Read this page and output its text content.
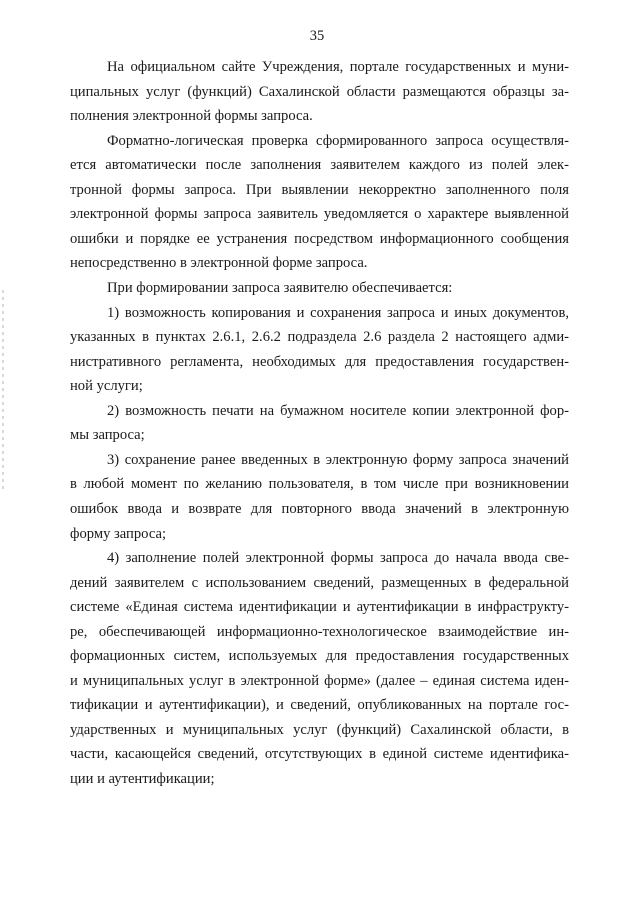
35
На официальном сайте Учреждения, портале государственных и муни-
ципальных услуг (функций) Сахалинской области размещаются образцы за-
полнения электронной формы запроса.
Форматно-логическая проверка сформированного запроса осуществля-
ется автоматически после заполнения заявителем каждого из полей элек-
тронной формы запроса. При выявлении некорректно заполненного поля
электронной формы запроса заявитель уведомляется о характере выявленной
ошибки и порядке ее устранения посредством информационного сообщения
непосредственно в электронной форме запроса.
При формировании запроса заявителю обеспечивается:
1) возможность копирования и сохранения запроса и иных документов,
указанных в пунктах 2.6.1, 2.6.2 подраздела 2.6 раздела 2 настоящего адми-
нистративного регламента, необходимых для предоставления государствен-
ной услуги;
2) возможность печати на бумажном носителе копии электронной фор-
мы запроса;
3) сохранение ранее введенных в электронную форму запроса значений
в любой момент по желанию пользователя, в том числе при возникновении
ошибок ввода и возврате для повторного ввода значений в электронную
форму запроса;
4) заполнение полей электронной формы запроса до начала ввода све-
дений заявителем с использованием сведений, размещенных в федеральной
системе «Единая система идентификации и аутентификации в инфраструкту-
ре, обеспечивающей информационно-технологическое взаимодействие ин-
формационных систем, используемых для предоставления государственных
и муниципальных услуг в электронной форме» (далее – единая система иден-
тификации и аутентификации), и сведений, опубликованных на портале гос-
ударственных и муниципальных услуг (функций) Сахалинской области, в
части, касающейся сведений, отсутствующих в единой системе идентифика-
ции и аутентификации;
